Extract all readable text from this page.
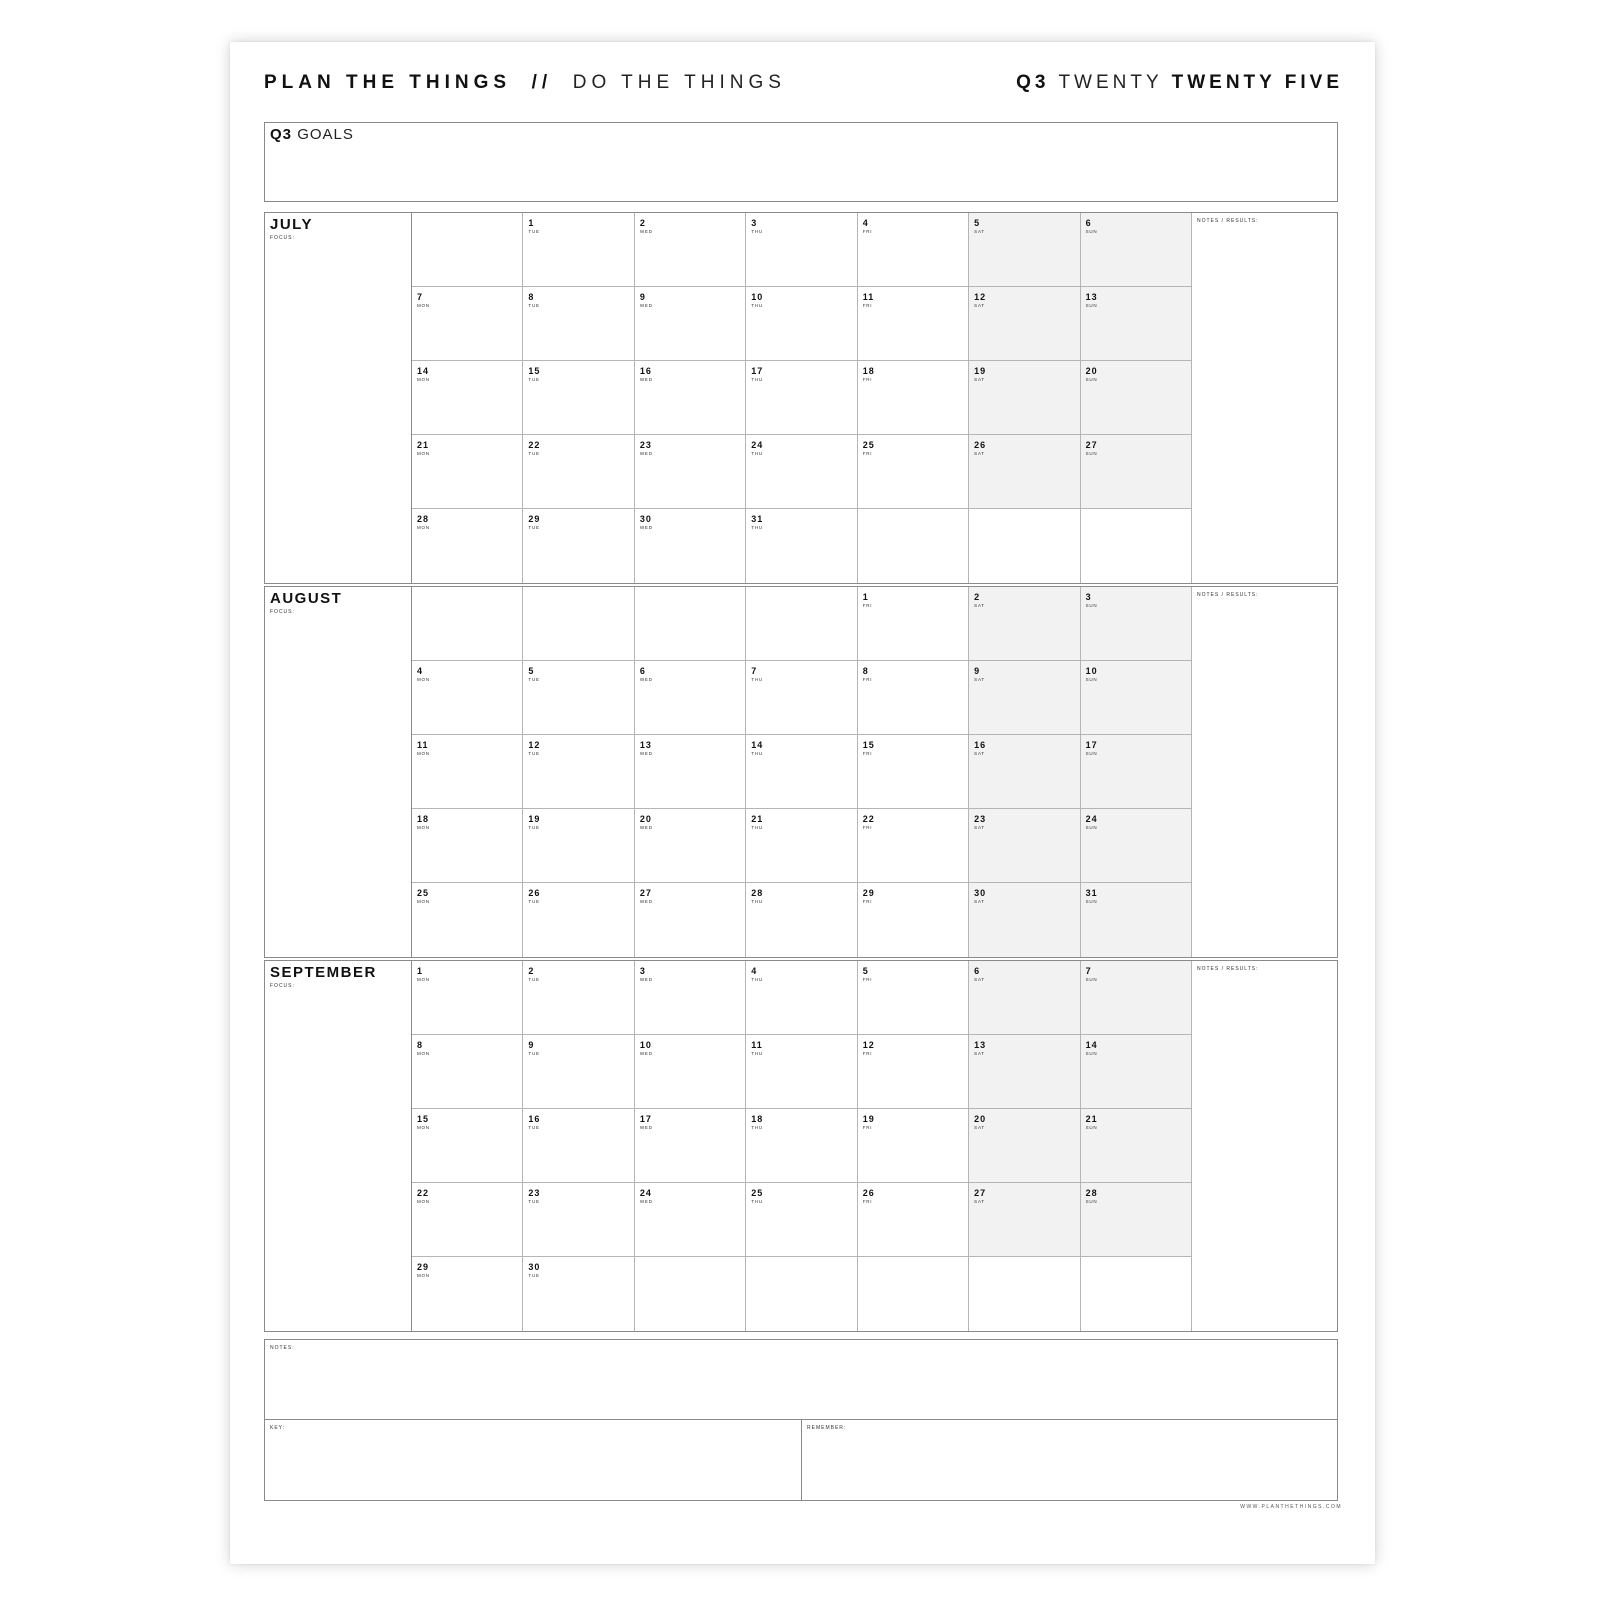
PLAN THE THINGS // DO THE THINGS	Q3 TWENTY TWENTY FIVE
Q3 GOALS
JULY
FOCUS:
1
TUE
2
WED
3
THU
4
FRI
5
SAT
6
SUN
7
MON
8
TUE
9
WED
10
THU
11
FRI
12
SAT
13
SUN
14
MON
15
TUE
16
WED
17
THU
18
FRI
19
SAT
20
SUN
21
MON
22
TUE
23
WED
24
THU
25
FRI
26
SAT
27
SUN
28
MON
29
TUE
30
WED
31
THU
NOTES / RESULTS:
AUGUST
FOCUS:
1
FRI
2
SAT
3
SUN
4
MON
5
TUE
6
WED
7
THU
8
FRI
9
SAT
10
SUN
11
MON
12
TUE
13
WED
14
THU
15
FRI
16
SAT
17
SUN
18
MON
19
TUE
20
WED
21
THU
22
FRI
23
SAT
24
SUN
25
MON
26
TUE
27
WED
28
THU
29
FRI
30
SAT
31
SUN
NOTES / RESULTS:
SEPTEMBER
FOCUS:
1
MON
2
TUE
3
WED
4
THU
5
FRI
6
SAT
7
SUN
8
MON
9
TUE
10
WED
11
THU
12
FRI
13
SAT
14
SUN
15
MON
16
TUE
17
WED
18
THU
19
FRI
20
SAT
21
SUN
22
MON
23
TUE
24
WED
25
THU
26
FRI
27
SAT
28
SUN
29
MON
30
TUE
NOTES / RESULTS:
NOTES:
KEY:	REMEMBER:
WWW.PLANTHETHINGS.COM
